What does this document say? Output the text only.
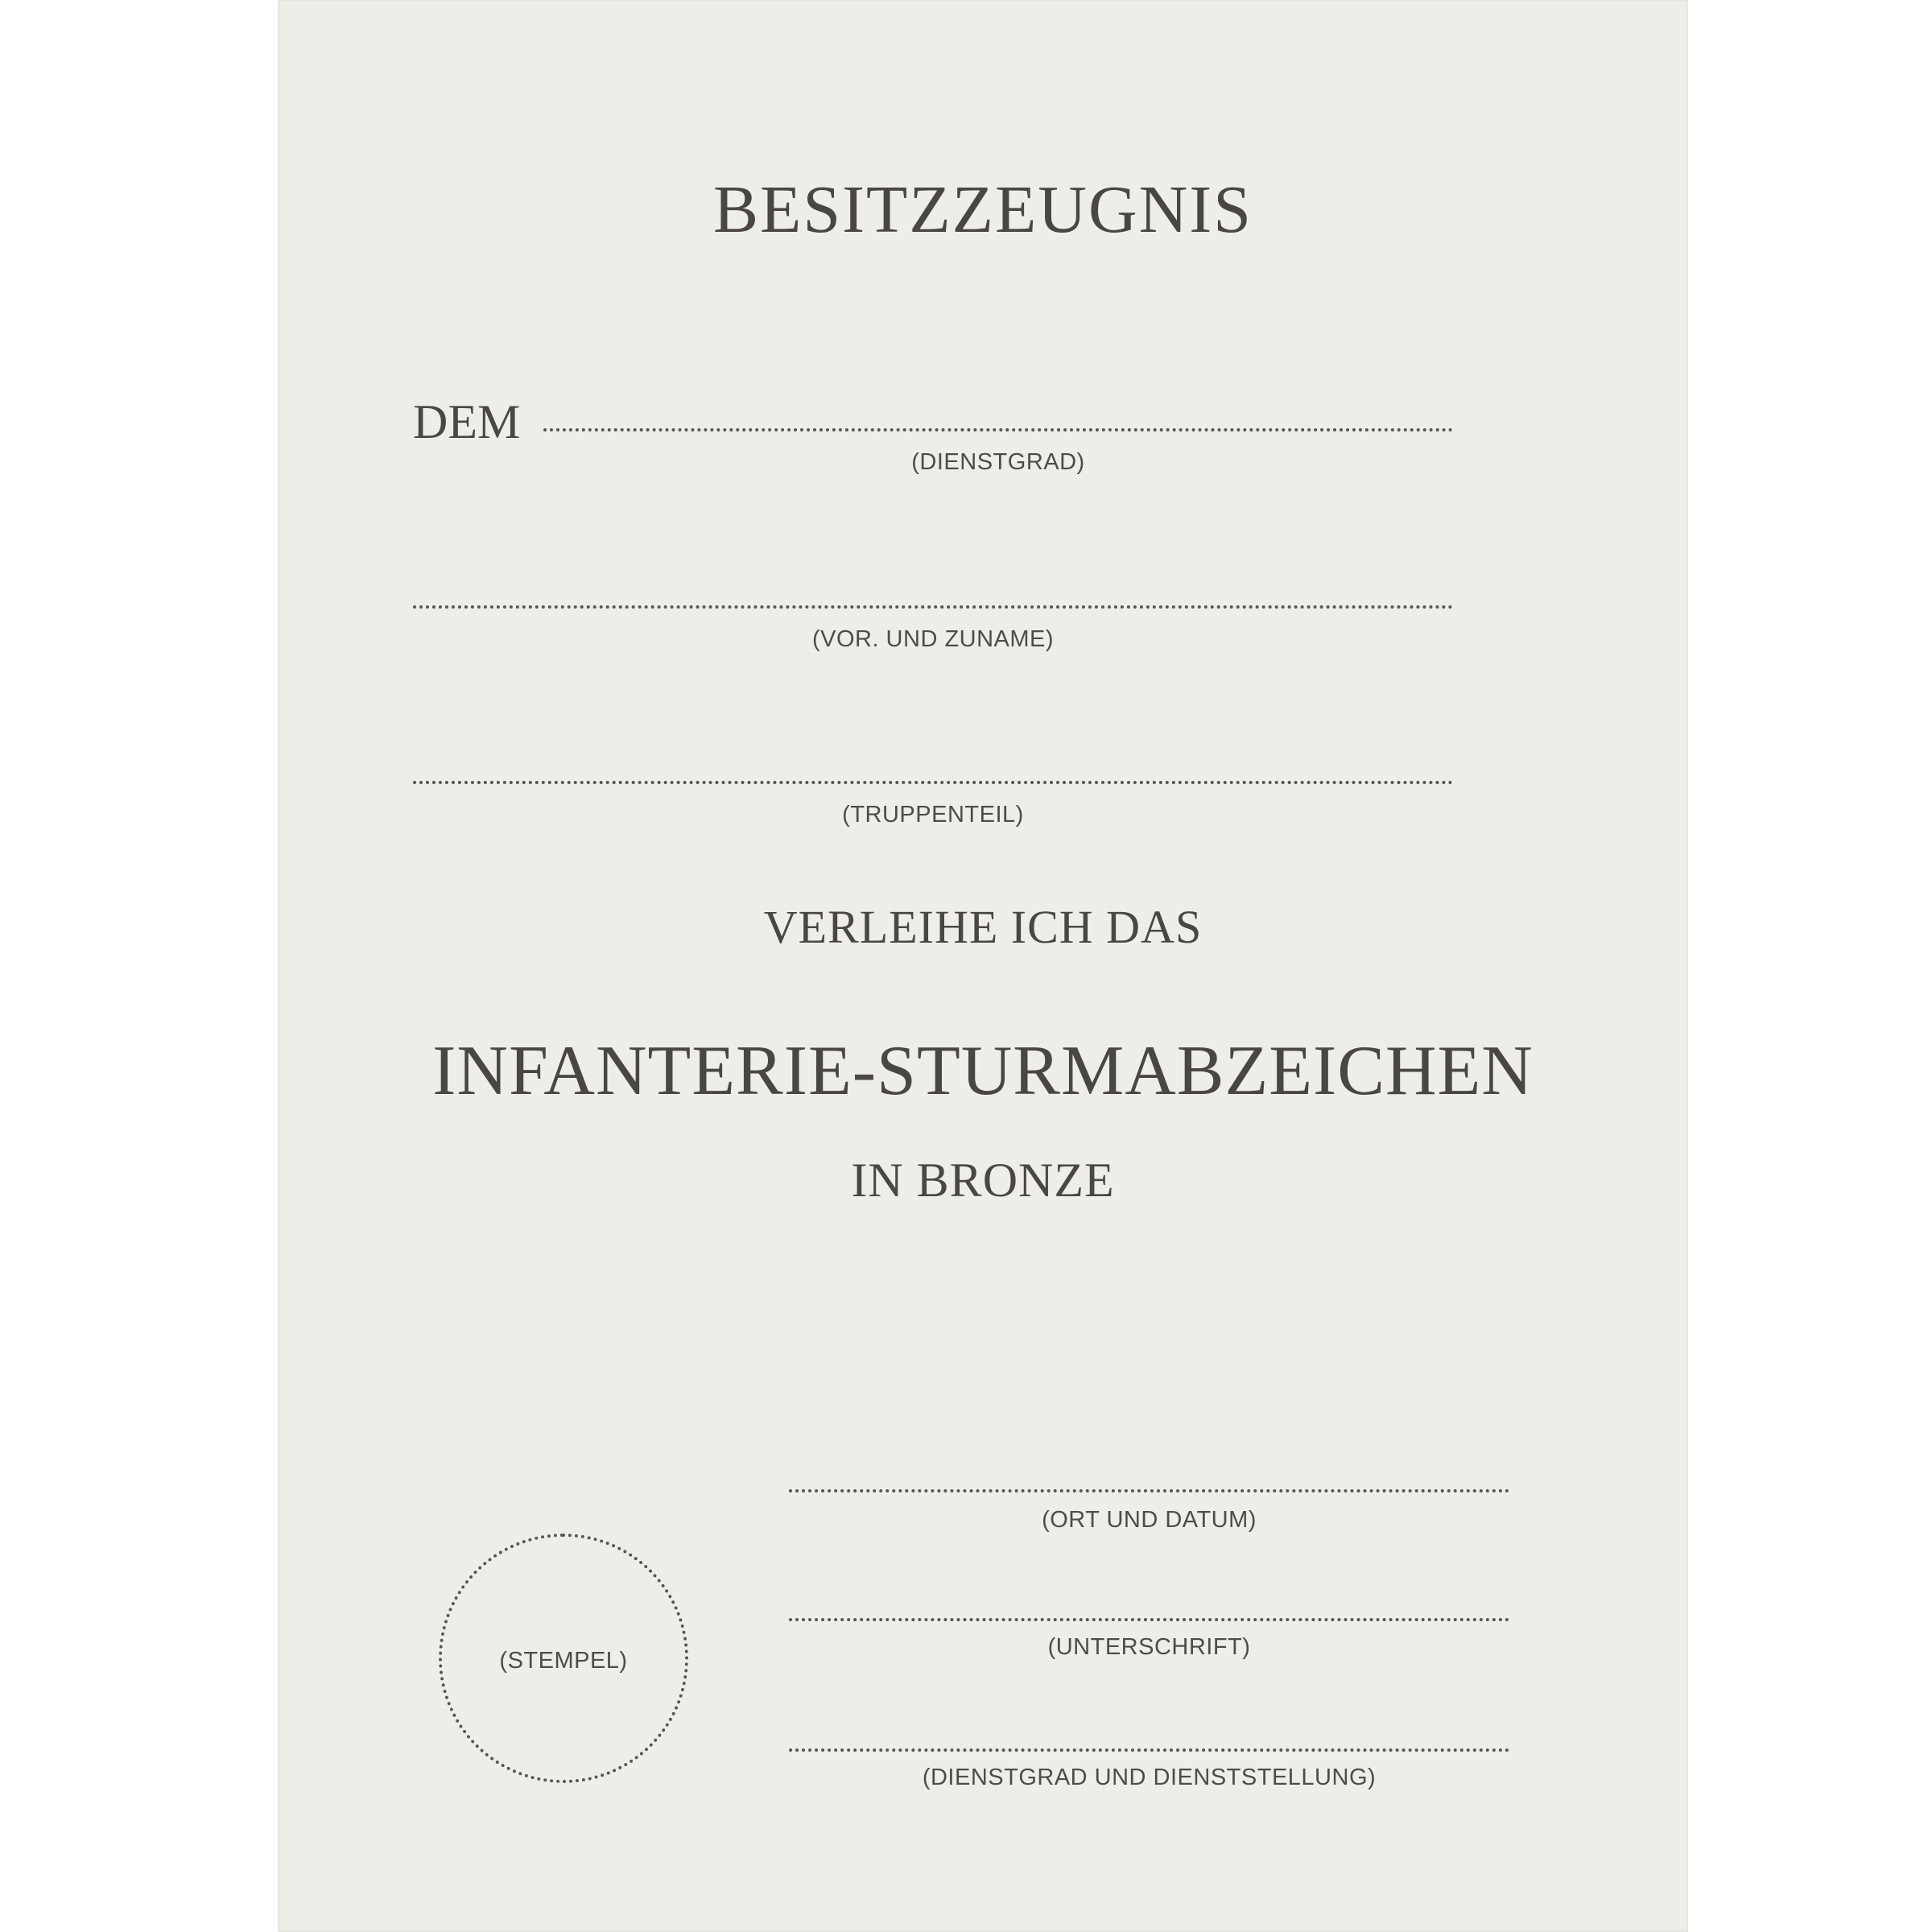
BESITZZEUGNIS
DEM
(DIENSTGRAD)
(VOR. UND ZUNAME)
(TRUPPENTEIL)
VERLEIHE ICH DAS
INFANTERIE-STURMABZEICHEN
IN BRONZE
(STEMPEL)
(ORT UND DATUM)
(UNTERSCHRIFT)
(DIENSTGRAD UND DIENSTSTELLUNG)
